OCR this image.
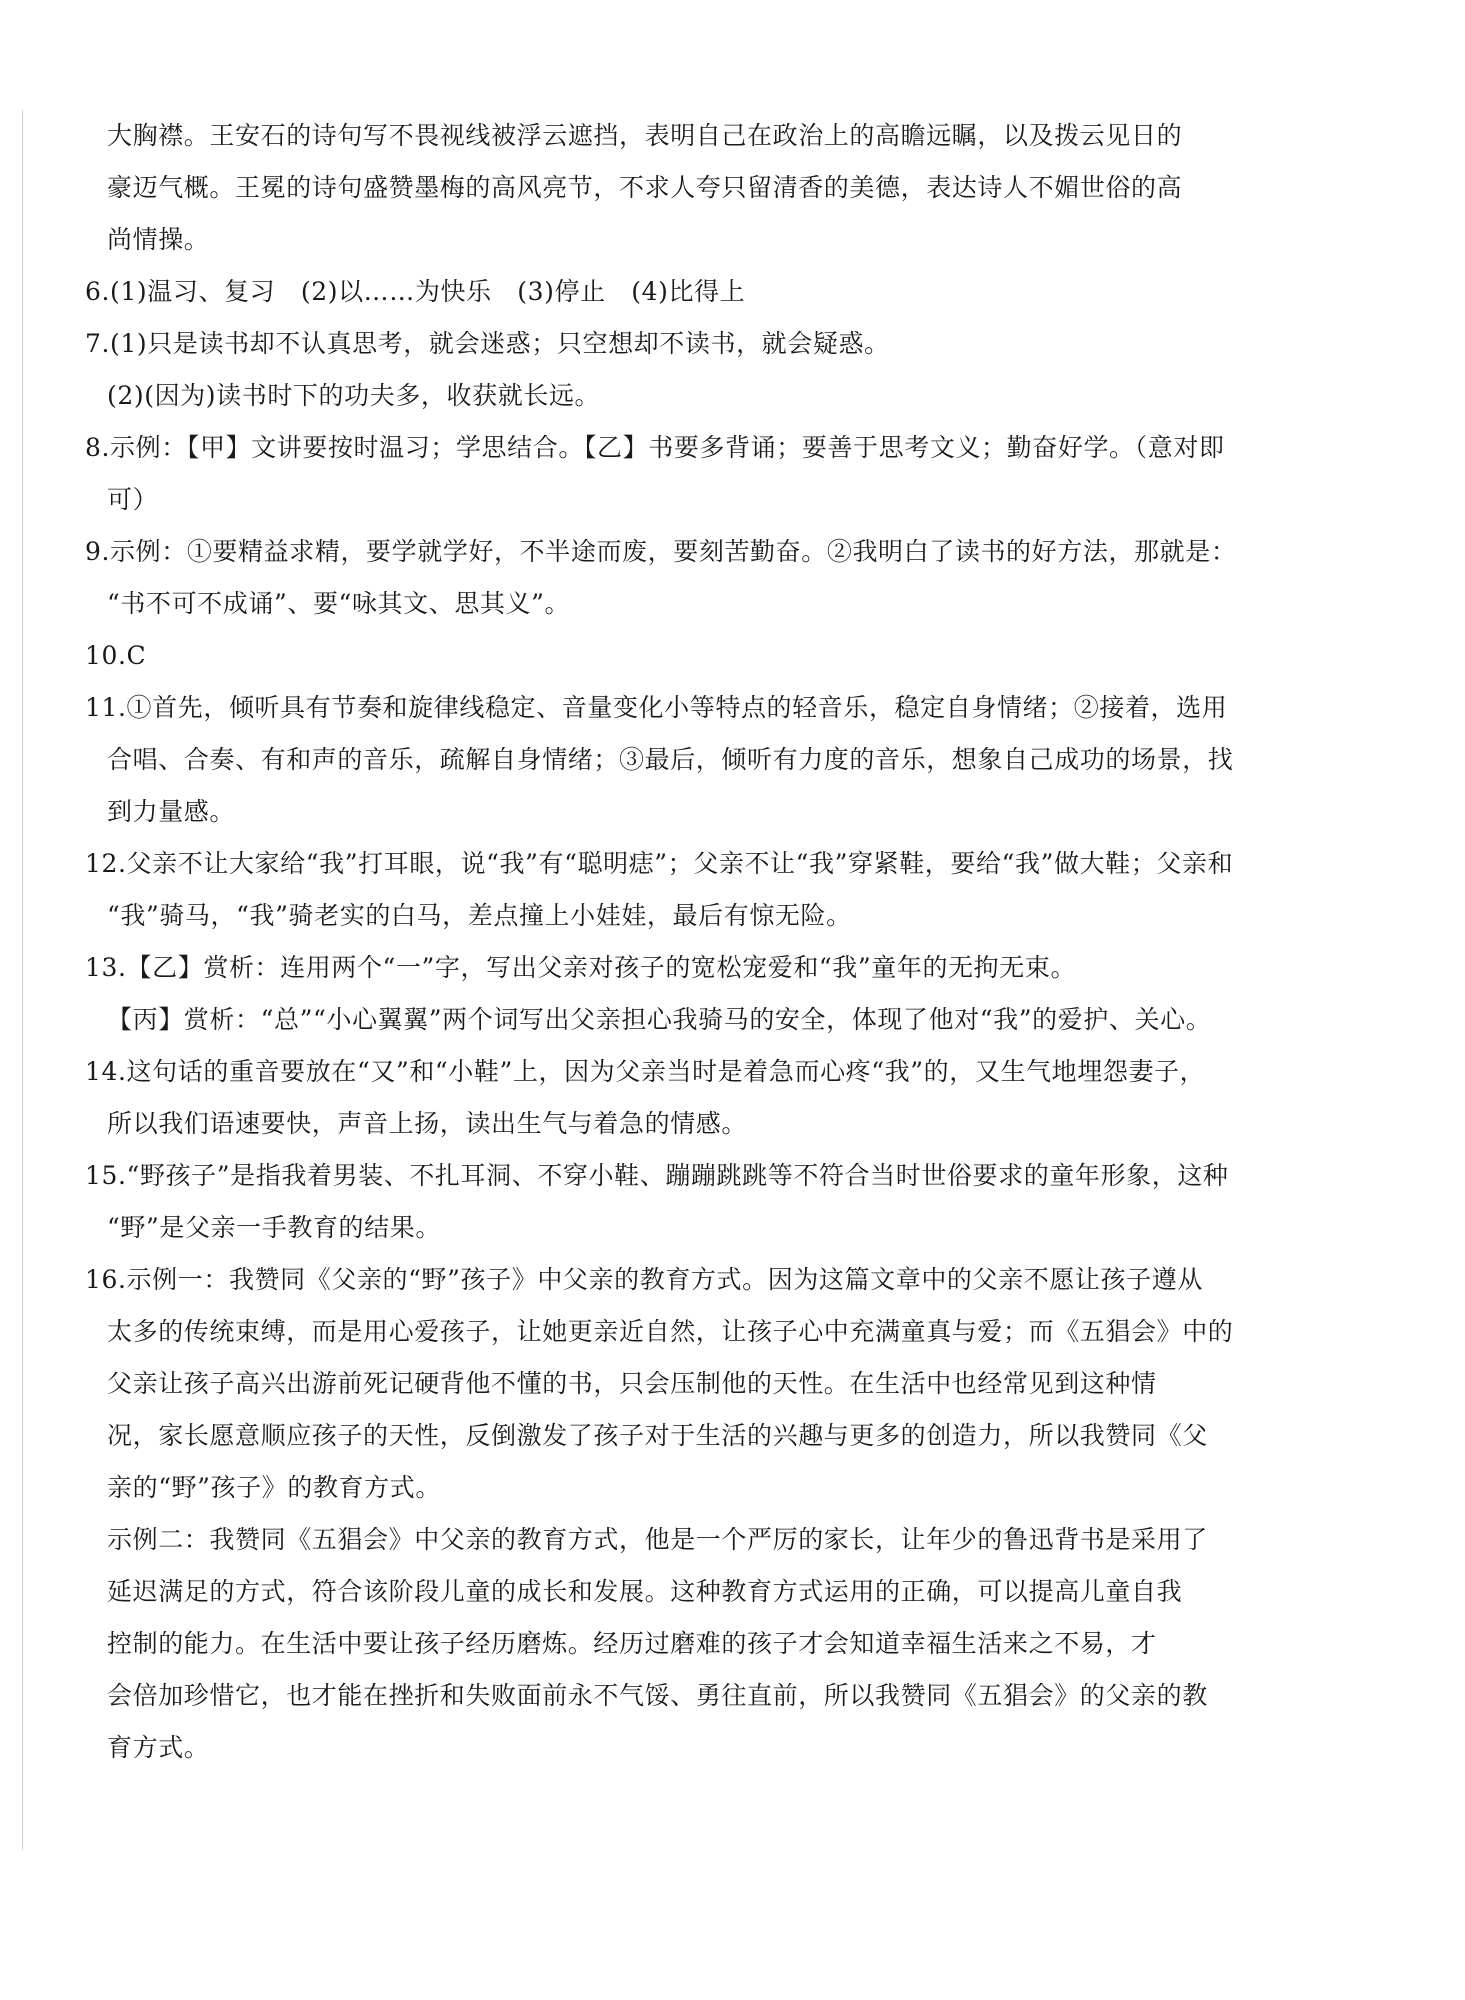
大胸襟。王安石的诗句写不畏视线被浮云遮挡，表明自己在政治上的高瞻远瞩，以及拨云见日的
豪迈气概。王冕的诗句盛赞墨梅的高风亮节，不求人夸只留清香的美德，表达诗人不媚世俗的高
尚情操。
6.(1)温习、复习　(2)以……为快乐　(3)停止　(4)比得上
7.(1)只是读书却不认真思考，就会迷惑；只空想却不读书，就会疑惑。
(2)(因为)读书时下的功夫多，收获就长远。
8.示例：【甲】文讲要按时温习；学思结合。【乙】书要多背诵；要善于思考文义；勤奋好学。（意对即
可）
9.示例：①要精益求精，要学就学好，不半途而废，要刻苦勤奋。②我明白了读书的好方法，那就是：
“书不可不成诵”、要“咏其文、思其义”。
10.C
11.①首先，倾听具有节奏和旋律线稳定、音量变化小等特点的轻音乐，稳定自身情绪；②接着，选用
合唱、合奏、有和声的音乐，疏解自身情绪；③最后，倾听有力度的音乐，想象自己成功的场景，找
到力量感。
12.父亲不让大家给“我”打耳眼，说“我”有“聪明痣”；父亲不让“我”穿紧鞋，要给“我”做大鞋；父亲和
“我”骑马，“我”骑老实的白马，差点撞上小娃娃，最后有惊无险。
13.【乙】赏析：连用两个“一”字，写出父亲对孩子的宽松宠爱和“我”童年的无拘无束。
【丙】赏析：“总”“小心翼翼”两个词写出父亲担心我骑马的安全，体现了他对“我”的爱护、关心。
14.这句话的重音要放在“又”和“小鞋”上，因为父亲当时是着急而心疼“我”的，又生气地埋怨妻子，
所以我们语速要快，声音上扬，读出生气与着急的情感。
15.“野孩子”是指我着男装、不扎耳洞、不穿小鞋、蹦蹦跳跳等不符合当时世俗要求的童年形象，这种
“野”是父亲一手教育的结果。
16.示例一：我赞同《父亲的“野”孩子》中父亲的教育方式。因为这篇文章中的父亲不愿让孩子遵从
太多的传统束缚，而是用心爱孩子，让她更亲近自然，让孩子心中充满童真与爱；而《五猖会》中的
父亲让孩子高兴出游前死记硬背他不懂的书，只会压制他的天性。在生活中也经常见到这种情
况，家长愿意顺应孩子的天性，反倒激发了孩子对于生活的兴趣与更多的创造力，所以我赞同《父
亲的“野”孩子》的教育方式。
示例二：我赞同《五猖会》中父亲的教育方式，他是一个严厉的家长，让年少的鲁迅背书是采用了
延迟满足的方式，符合该阶段儿童的成长和发展。这种教育方式运用的正确，可以提高儿童自我
控制的能力。在生活中要让孩子经历磨炼。经历过磨难的孩子才会知道幸福生活来之不易，才
会倍加珍惜它，也才能在挫折和失败面前永不气馁、勇往直前，所以我赞同《五猖会》的父亲的教
育方式。
